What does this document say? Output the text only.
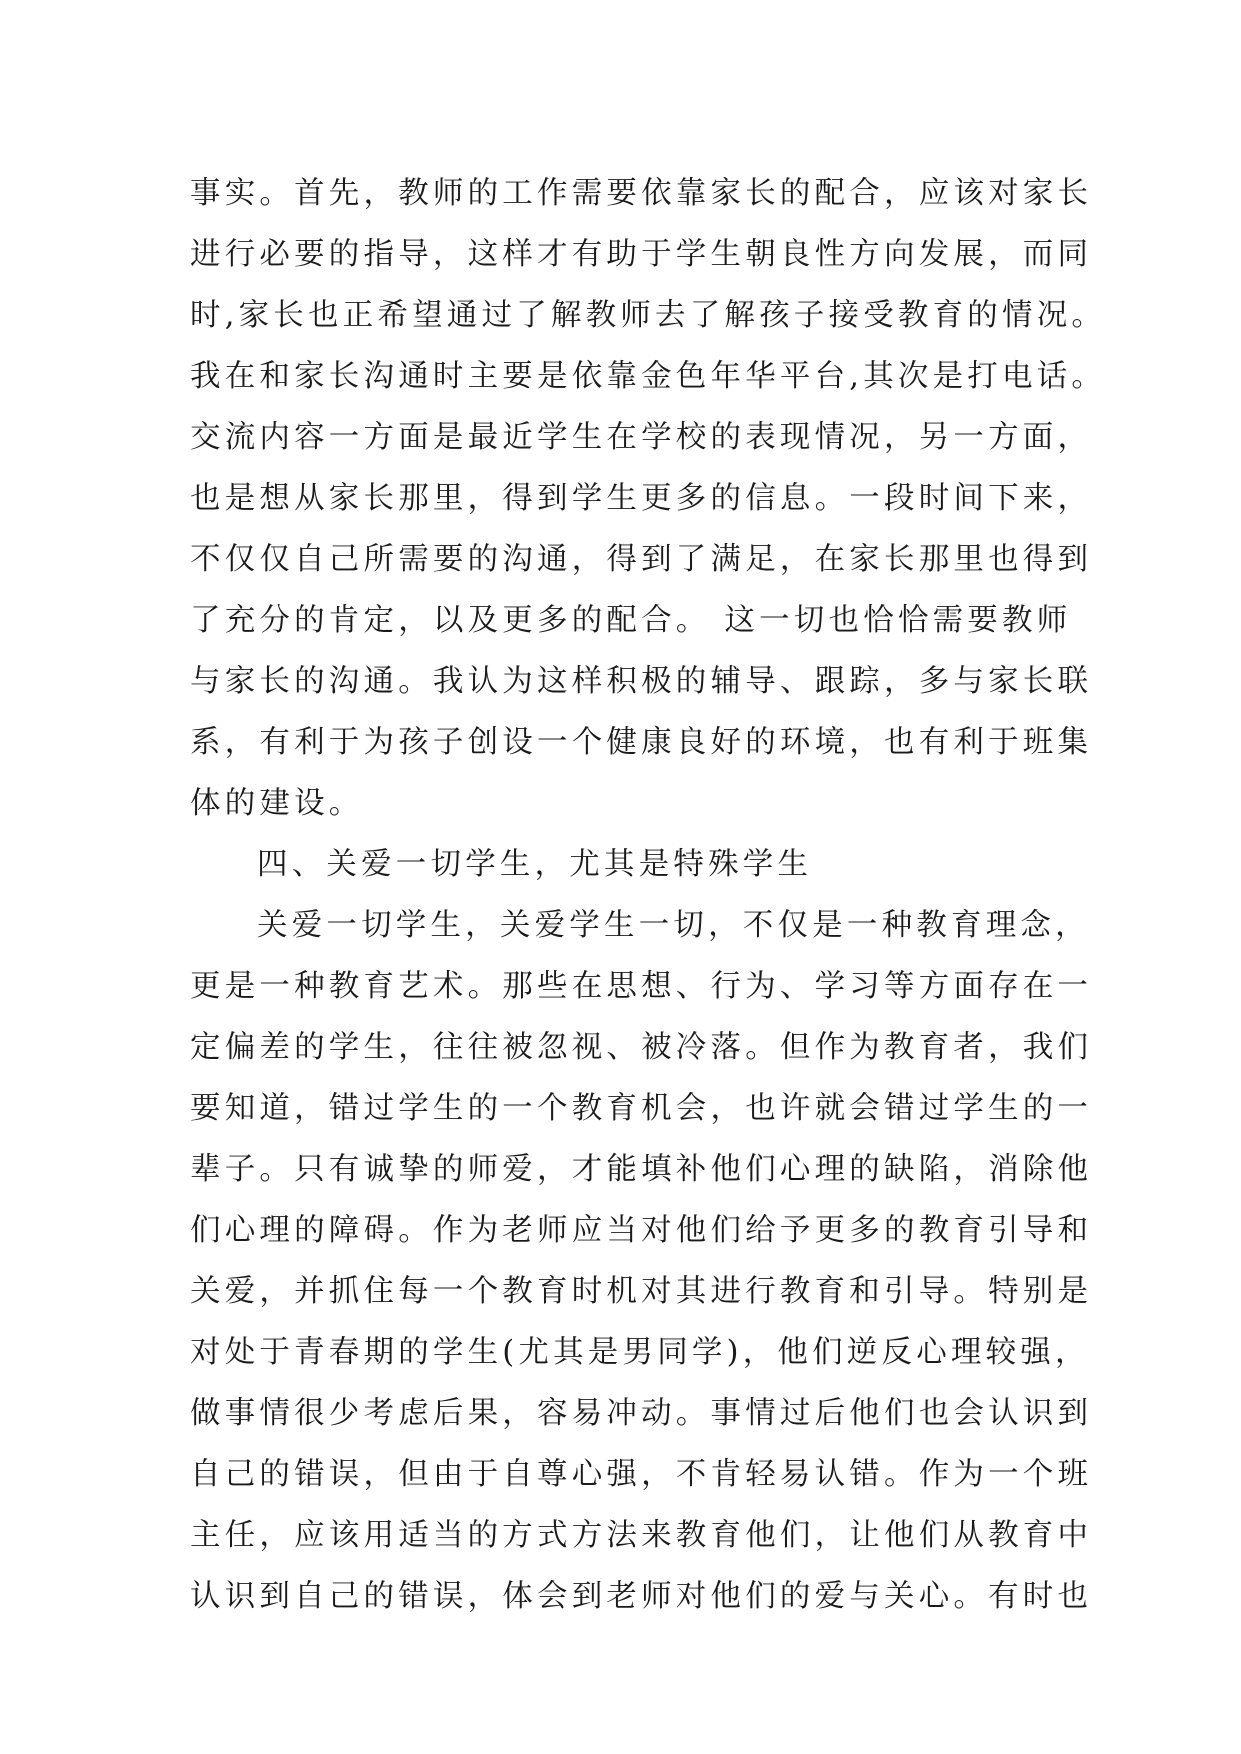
事实。首先，教师的工作需要依靠家长的配合，应该对家长
进行必要的指导，这样才有助于学生朝良性方向发展，而同
时,家长也正希望通过了解教师去了解孩子接受教育的情况。
我在和家长沟通时主要是依靠金色年华平台,其次是打电话。
交流内容一方面是最近学生在学校的表现情况，另一方面，
也是想从家长那里，得到学生更多的信息。一段时间下来，
不仅仅自己所需要的沟通，得到了满足，在家长那里也得到
了充分的肯定，以及更多的配合。 这一切也恰恰需要教师
与家长的沟通。我认为这样积极的辅导、跟踪，多与家长联
系，有利于为孩子创设一个健康良好的环境，也有利于班集
体的建设。
四、关爱一切学生，尤其是特殊学生
关爱一切学生，关爱学生一切，不仅是一种教育理念，
更是一种教育艺术。那些在思想、行为、学习等方面存在一
定偏差的学生，往往被忽视、被冷落。但作为教育者，我们
要知道，错过学生的一个教育机会，也许就会错过学生的一
辈子。只有诚挚的师爱，才能填补他们心理的缺陷，消除他
们心理的障碍。作为老师应当对他们给予更多的教育引导和
关爱，并抓住每一个教育时机对其进行教育和引导。特别是
对处于青春期的学生(尤其是男同学)，他们逆反心理较强，
做事情很少考虑后果，容易冲动。事情过后他们也会认识到
自己的错误，但由于自尊心强，不肯轻易认错。作为一个班
主任，应该用适当的方式方法来教育他们，让他们从教育中
认识到自己的错误，体会到老师对他们的爱与关心。有时也
